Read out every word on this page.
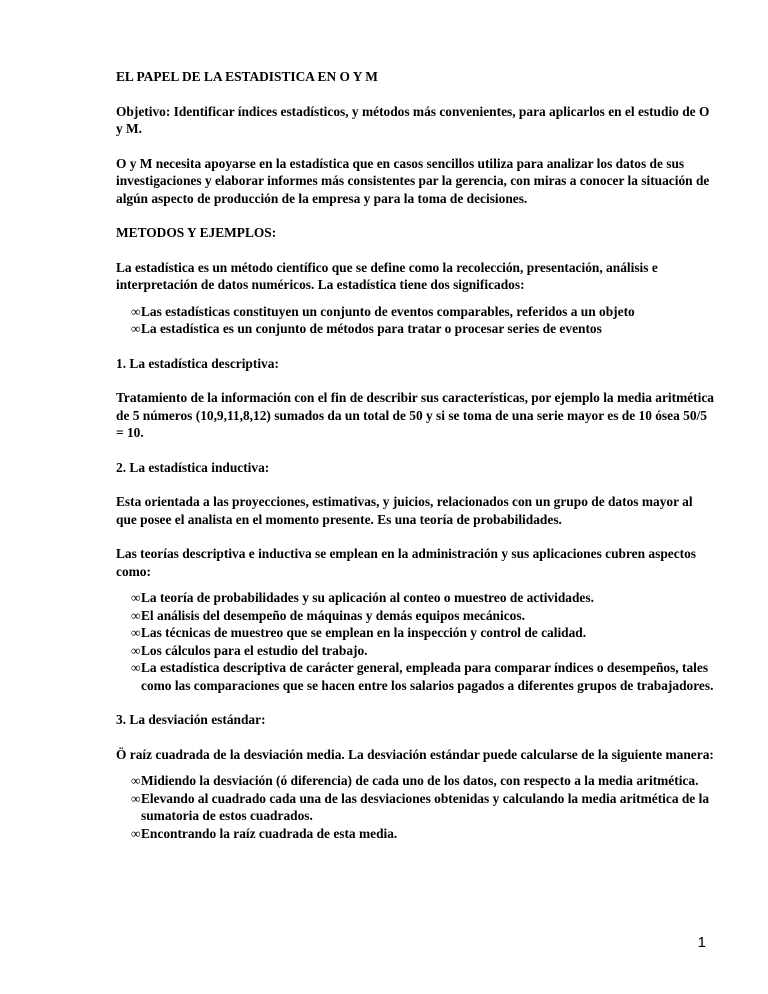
EL PAPEL DE LA ESTADISTICA EN O Y M

Objetivo: Identificar índices estadísticos, y métodos más convenientes, para aplicarlos en el estudio de O y M.

O y M necesita apoyarse en la estadística que en casos sencillos utiliza para analizar los datos de sus investigaciones y elaborar informes más consistentes par la gerencia, con miras a conocer la situación de algún aspecto de producción de la empresa y para la toma de decisiones.

METODOS Y EJEMPLOS:

La estadística es un método científico que se define como la recolección, presentación, análisis e interpretación de datos numéricos. La estadística tiene dos significados:

∞Las estadísticas constituyen un conjunto de eventos comparables, referidos a un objeto
∞La estadística es un conjunto de métodos para tratar o procesar series de eventos

1. La estadística descriptiva:

Tratamiento de la información con el fin de describir sus características, por ejemplo la media aritmética de 5 números (10,9,11,8,12) sumados da un total de 50 y si se toma de una serie mayor es de 10 ósea 50/5 = 10.

2. La estadística inductiva:

Esta orientada a las proyecciones, estimativas, y juicios, relacionados con un grupo de datos mayor al que posee el analista en el momento presente. Es una teoría de probabilidades.

Las teorías descriptiva e inductiva se emplean en la administración y sus aplicaciones cubren aspectos como:

∞La teoría de probabilidades y su aplicación al conteo o muestreo de actividades.
∞El análisis del desempeño de máquinas y demás equipos mecánicos.
∞Las técnicas de muestreo que se emplean en la inspección y control de calidad.
∞Los cálculos para el estudio del trabajo.
∞La estadística descriptiva de carácter general, empleada para comparar índices o desempeños, tales como las comparaciones que se hacen entre los salarios pagados a diferentes grupos de trabajadores.

3. La desviación estándar:

Ö raíz cuadrada de la desviación media. La desviación estándar puede calcularse de la siguiente manera:

∞Midiendo la desviación (ó diferencia) de cada uno de los datos, con respecto a la media aritmética.
∞Elevando al cuadrado cada una de las desviaciones obtenidas y calculando la media aritmética de la sumatoria de estos cuadrados.
∞Encontrando la raíz cuadrada de esta media.
1
